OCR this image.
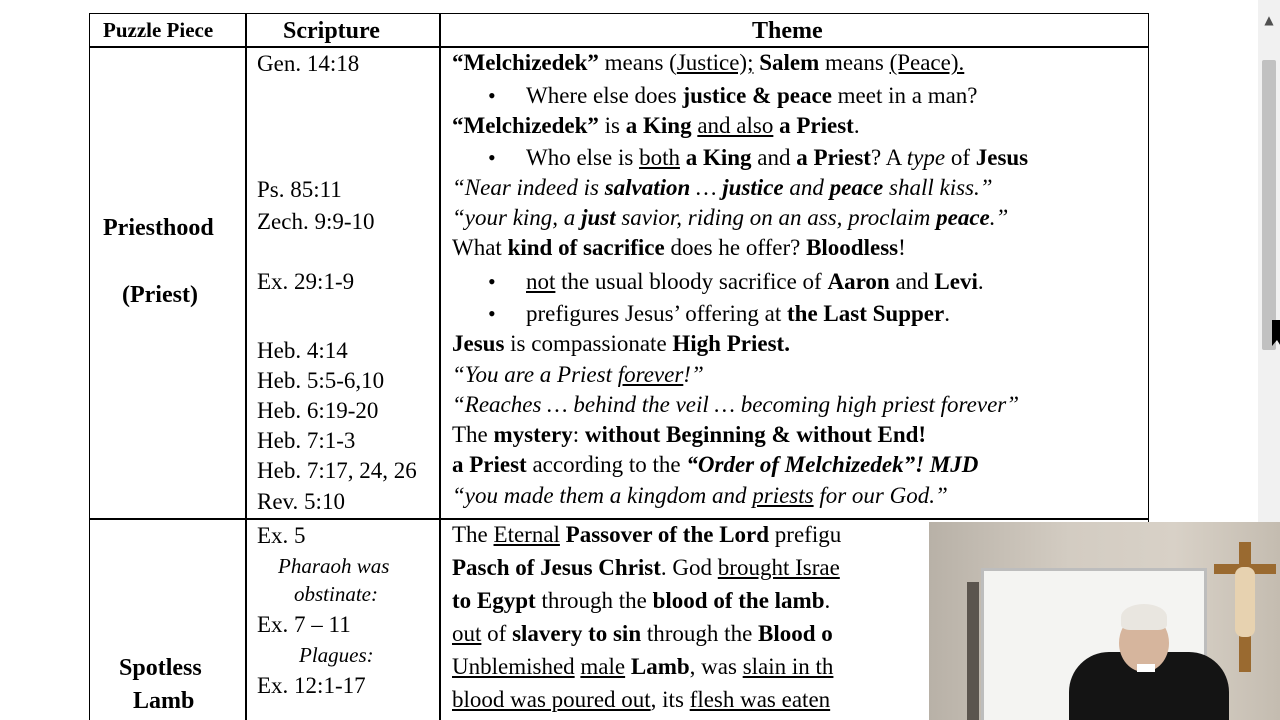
Puzzle Piece	Scripture	Theme
Priesthood
(Priest)
Gen. 14:18
Ps. 85:11
Zech. 9:9-10
Ex. 29:1-9
Heb. 4:14
Heb. 5:5-6,10
Heb. 6:19-20
Heb. 7:1-3
Heb. 7:17, 24, 26
Rev. 5:10
“Melchizedek” means (Justice); Salem means (Peace).
• Where else does justice & peace meet in a man?
“Melchizedek” is a King and also a Priest.
• Who else is both a King and a Priest? A type of Jesus
“Near indeed is salvation … justice and peace shall kiss.”
“your king, a just savior, riding on an ass, proclaim peace.”
What kind of sacrifice does he offer? Bloodless!
• not the usual bloody sacrifice of Aaron and Levi.
• prefigures Jesus’ offering at the Last Supper.
Jesus is compassionate High Priest.
“You are a Priest forever!”
“Reaches … behind the veil … becoming high priest forever”
The mystery: without Beginning & without End!
a Priest according to the “Order of Melchizedek”! MJD
“you made them a kingdom and priests for our God.”
Spotless
Lamb
Ex. 5
Pharaoh was
obstinate:
Ex. 7 – 11
Plagues:
Ex. 12:1-17
The Eternal Passover of the Lord prefigu
Pasch of Jesus Christ. God brought Israe
to Egypt through the blood of the lamb.
out of slavery to sin through the Blood o
Unblemished male Lamb, was slain in th
blood was poured out, its flesh was eaten
▲
